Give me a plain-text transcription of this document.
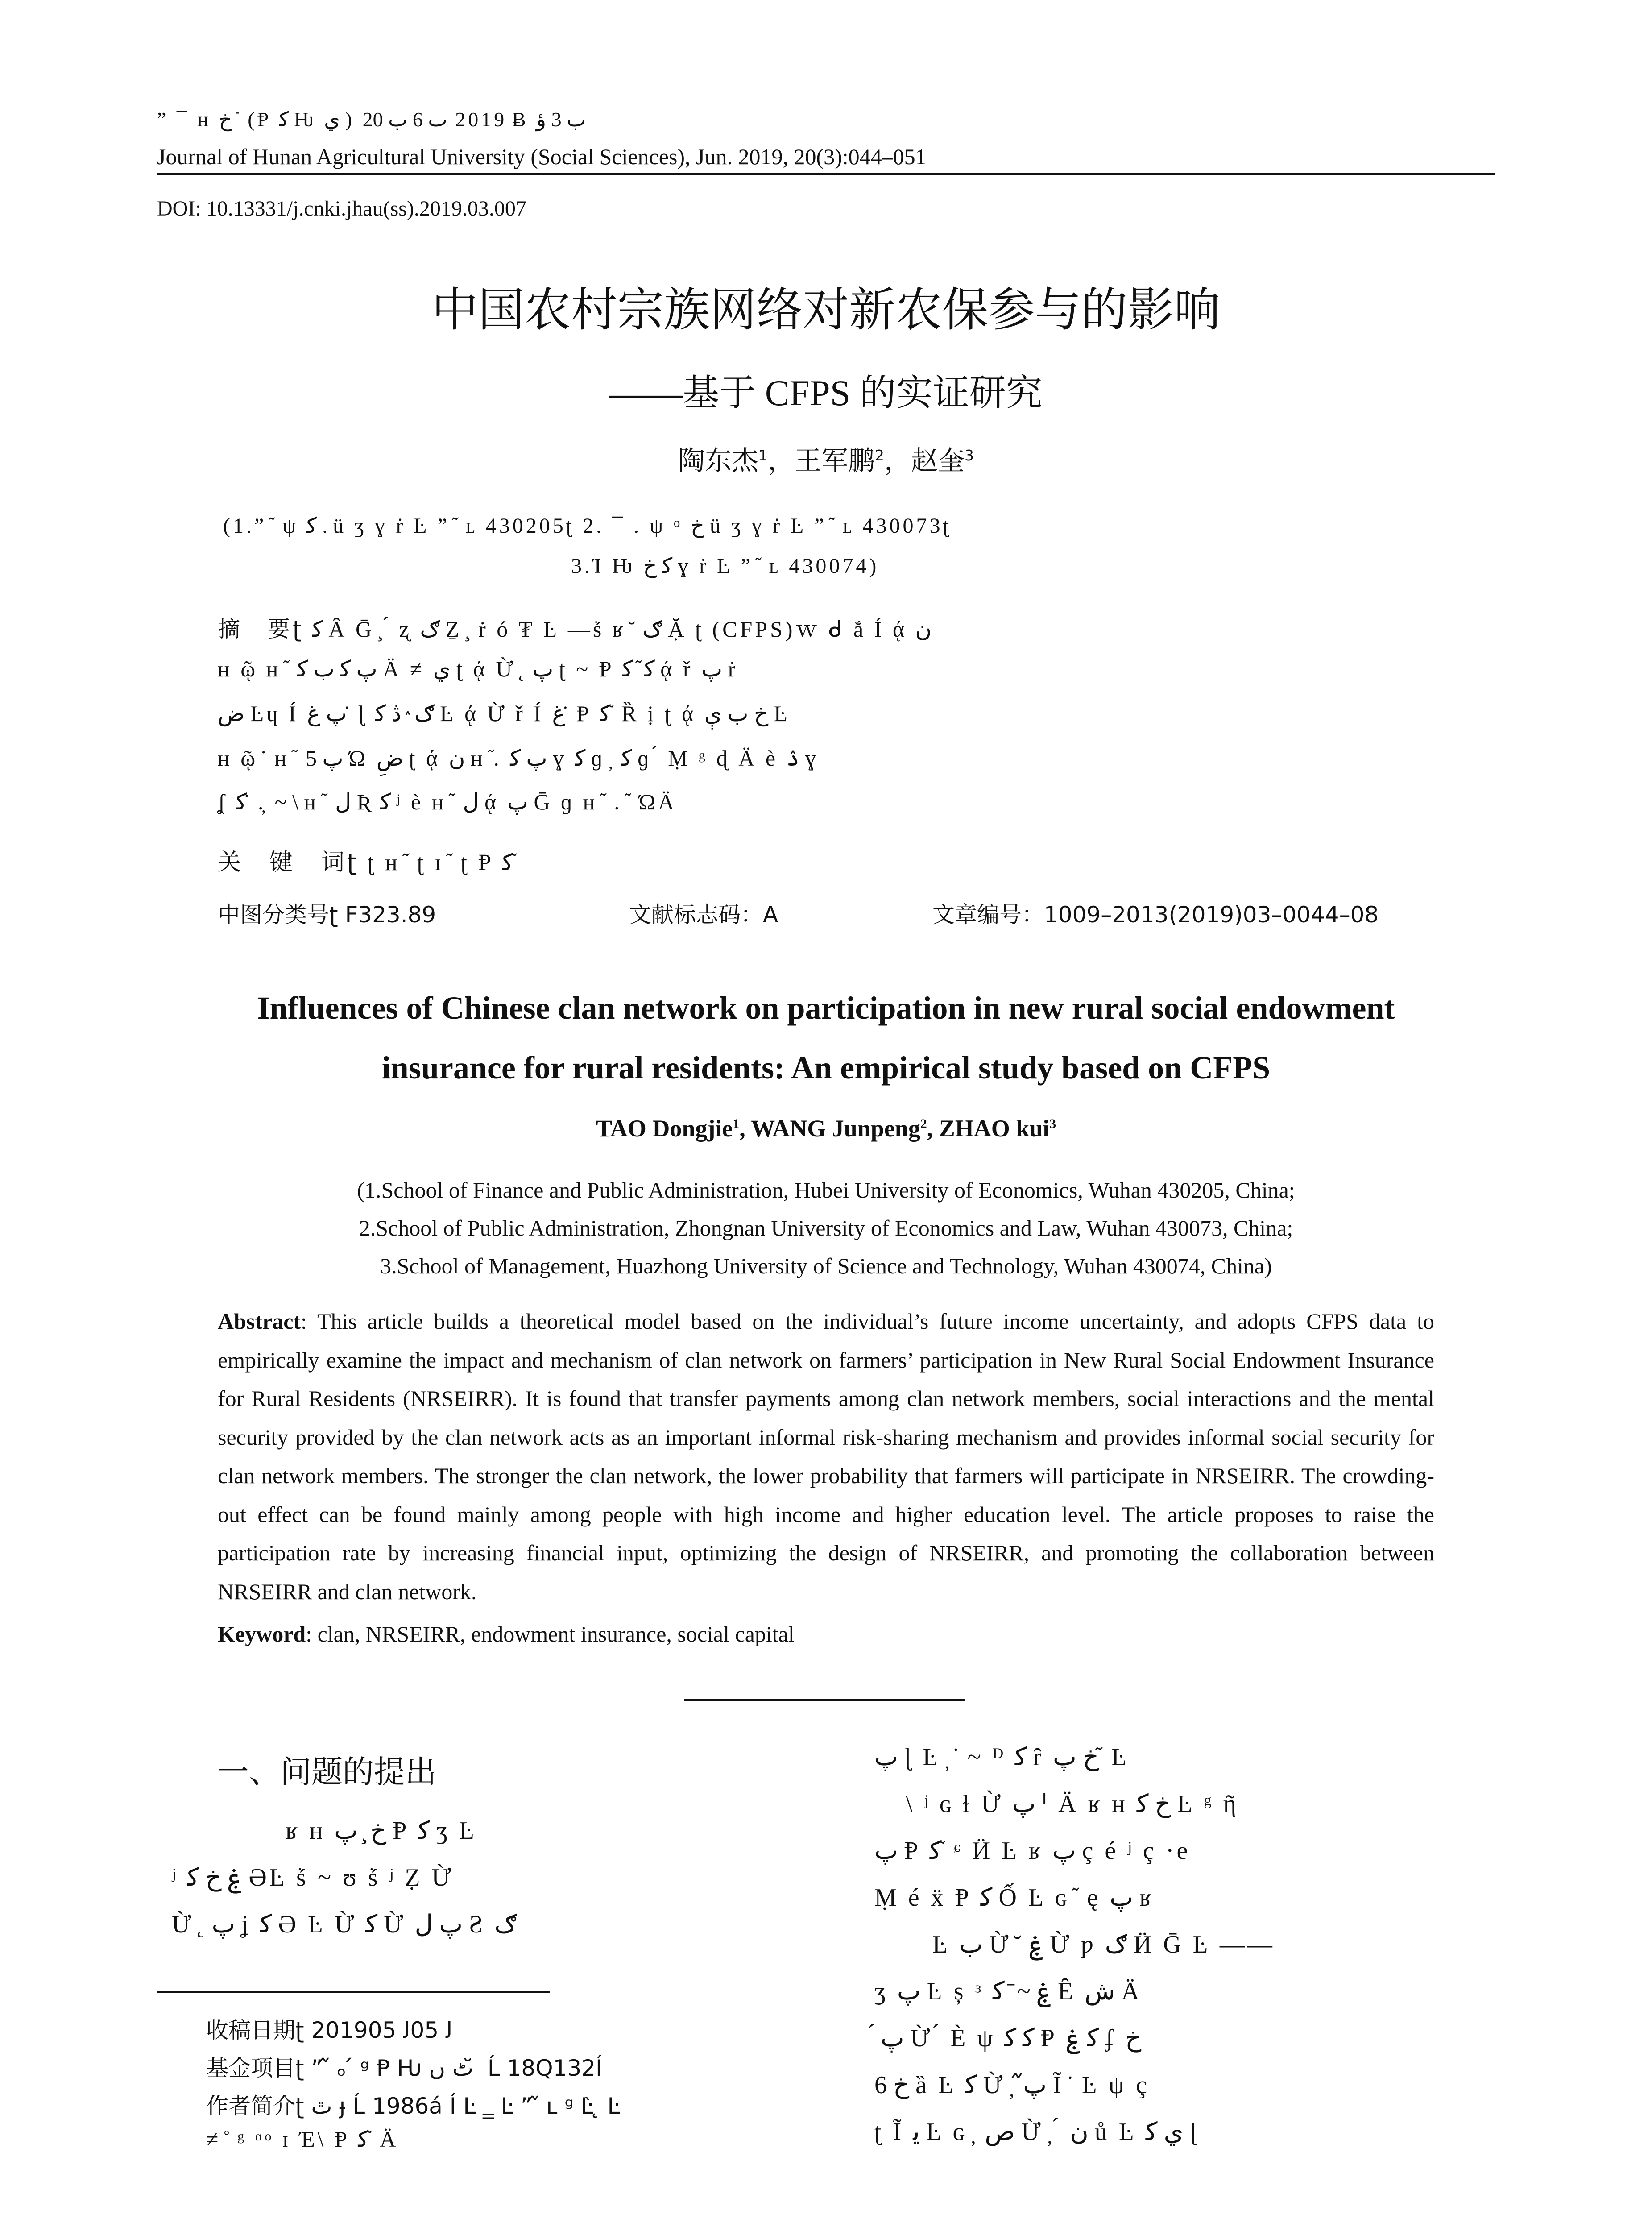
” ¯ ʜ خ ֿ (Ᵽ ﻛ Ƕ ي ) 2019 ٮ 6 ب 20 Ƀ ب 3 ؤ
Journal of Hunan Agricultural University (Social Sciences), Jun. 2019, 20(3):044–051
DOI: 10.13331/j.cnki.jhau(ss).2019.03.007
中国农村宗族网络对新农保参与的影响
——基于 CFPS 的实证研究
陶东杰$^1$，王军鹏$^2$，赵奎$^3$
(1.” ᷉ ψ ﻛ . ü ʒ ɣ ṙ Ŀ ” ᷉ ʟ 430205ʈ 2. ¯ . ψ ᵒ خ ü ʒ ɣ ṙ Ŀ ” ᷉ ʟ 430073ʈ
3.Ί Ƕ ﻛ خ ɣ ṙ Ŀ ” ᷉ ʟ 430074)
摘　要ʈ ﻛ Ȃ Ḡ ̧ ́ ʐ ګ Ẕ ̧ ṙ ó ₮ Ŀ —ṥ ʁ ̆ ګ Ặ ʈ (CFPS)ｗ ᑯ ắ Í ᾴ ن
ʜ ῷ ʜ ᷉ پ ﻛ ب ﻛ Ä ≠ ي ʈ ᾴ Ừ ̨ پ ʈ ~ Ᵽ ﻛ ᷉ ﻛ ᾴ ř پ ṙ
ض Ŀɥ Í پ غ ̇ ɭ ګ ٛڎ ﻛ Ŀ ᾴ Ừ ř Í غ ̇ Ᵽ ﻛ ᷉ Ȑ ị ʈ ᾴ خ ب ې Ŀ
ʜ ῷ ̇ ʜ ᷉ پ 5 Ώ ضِ ʈ ᾴ ن ʜ ᷉. پ ﻛ ɣ ﻛ ɡ ̦ ﻛ ɡ ́ Ṃ ᵍ ɖ Ä è ۮ ɣ
ʆ ﻛ ̇ . ̦ ~ \ ʜ ᷉ ﻝ Ʀ ﻛ ʲ è ʜ ᷉ ﻝ ᾴ پ Ḡ ɡ ʜ ᷉ . ᷉ ΏÄ
关　键　词ʈ ʈ ʜ ᷉ ʈ ɪ ᷉ ʈ Ᵽ ﻛ ᷉
中图分类号ʈ F323.89	文献标志码：A	文章编号：1009–2013(2019)03–0044–08
Influences of Chinese clan network on participation in new rural social endowment
insurance for rural residents: An empirical study based on CFPS
TAO Dongjie$^1$, WANG Junpeng$^2$, ZHAO kui$^3$
(1.School of Finance and Public Administration, Hubei University of Economics, Wuhan 430205, China;
2.School of Public Administration, Zhongnan University of Economics and Law, Wuhan 430073, China;
3.School of Management, Huazhong University of Science and Technology, Wuhan 430074, China)
Abstract: This article builds a theoretical model based on the individual’s future income uncertainty, and adopts CFPS data to empirically examine the impact and mechanism of clan network on farmers’ participation in New Rural Social Endowment Insurance for Rural Residents (NRSEIRR). It is found that transfer payments among clan network members, social interactions and the mental security provided by the clan network acts as an important informal risk-sharing mechanism and provides informal social security for clan network members. The stronger the clan network, the lower probability that farmers will participate in NRSEIRR. The crowding-out effect can be found mainly among people with high income and higher education level. The article proposes to raise the participation rate by increasing financial input, optimizing the design of NRSEIRR, and promoting the collaboration between NRSEIRR and clan network.
Keyword: clan, NRSEIRR, endowment insurance, social capital
一、问题的提出
ʁ ʜ خ ̧ پ Ᵽ ﻛ ʒ Ŀ
ʲ ۼ خ ﻛ ƏĿ ṥ ~ ʊ ṥ ʲ Ẓ Ừ
Ừ ̨ پ ʝ ﻛ Ə Ŀ Ừ ﻛ Ừ پ ﻝ Ƨ ګ
收稿日期ʈ 2019ﻟ 05ﻟ 05
基金项目ʈ ” ᷉ ₒ ́ ᵍ Ᵽ Ƕ ٹ ں ̆ Ĺ 18Q132Í
作者简介ʈ ٿ ɟ Ĺ 1986á Í Ŀ ‗ Ŀ ” ᷉ ʟ ᵍ Ŀ̀ ̨ Ŀ
≠ ̊ ᵍ ᵅᵒ ɪ Έ\ Ᵽ ﻛ ᷉ Ä
پ ɭ Ŀ ̦ ̇ ~ ᴰ ﻛ ȓ خ پ ᷉ Ŀ
\ ʲ ɢ ɫ Ừ پ ᑊ Ä ʁ ʜ خ ﻛ Ŀ ᵍ ῆ
پ Ᵽ ﻛ ᷉ ᶝ Ӥ Ŀ ʁ پ ç é ʲ ç ·e
Ṃ é ẍ Ᵽ ﻛ Ố Ŀ ɢ ᷉ ę پ ʁ
Ŀ ب Ừ ̆ ۼ Ừ ƿ ګ Ӥ Ḡ Ŀ ——
ʒ پ Ŀ ș ᶟ ۼ ~ ̄ ﻛ Ȇ ش Ä
́ پ Ừ ́ È ψ ﻛ ﻛ Ᵽ ﻛ ۼ ʄ خ
6 خ ȁ Ŀ ﮐ Ừ ̦ پ᷉ Ĩ ̇ Ŀ ψ ç
ʈ Ĩ ﻳ Ŀ ɢ ̦ ص Ừ ̦ ́ ن ů Ŀ ي ﻛ ɭ
